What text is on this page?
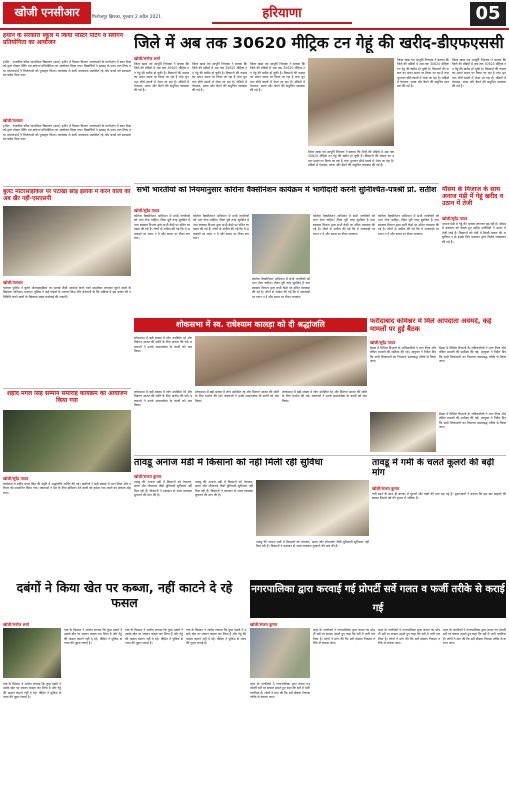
खोजी एनसीआर	फिरोजपुर झिरका, गुरुवार 2 अप्रैल 2021	हरियाणा	05
हथीन के सरकारी स्कूल में किया पोस्टर पेंटिंग व स्लोगन प्रतियोगिता का आयोजन
खोजी/पलवल
हथीन : राजकीय वरिष्ठ माध्यमिक विद्यालय (बाल) हथीन में विज्ञान विभाग अध्यापकों के मार्गदर्शन में बाल शिक्षकों द्वारा पोस्टर पेंटिंग एवं स्लोगन प्रतियोगिता का आयोजन किया गया। विद्यार्थियों ने उत्साह के साथ भाग लिया तथा प्रधानाचार्य ने विजेताओं को पुरस्कृत किया। कार्यक्रम में सभी अध्यापक उपस्थित रहे और बच्चों को स्वच्छता का संदेश दिया गया।
हथीन : राजकीय वरिष्ठ माध्यमिक विद्यालय (बाल) हथीन में विज्ञान विभाग अध्यापकों के मार्गदर्शन में बाल शिक्षकों द्वारा पोस्टर पेंटिंग एवं स्लोगन प्रतियोगिता का आयोजन किया गया। विद्यार्थियों ने उत्साह के साथ भाग लिया तथा प्रधानाचार्य ने विजेताओं को पुरस्कृत किया। कार्यक्रम में सभी अध्यापक उपस्थित रहे और बच्चों को स्वच्छता का संदेश दिया गया।
जिले में अब तक 30620 मीट्रिक टन गेहूं की खरीद-डीएफएससी
खोजी/मनोज शर्मा
जिला खाद्य एवं आपूर्ति नियंत्रक ने बताया कि जिले की मंडियों में अब तक 30620 मीट्रिक टन गेहूं की खरीद हो चुकी है। किसानों की फसल का उठान समय पर किया जा रहा है तथा भुगतान सीधे खातों में भेजा जा रहा है। मंडियों में पेयजल, छाया और बैठने की समुचित व्यवस्था की गई है।
जिला खाद्य एवं आपूर्ति नियंत्रक ने बताया कि जिले की मंडियों में अब तक 30620 मीट्रिक टन गेहूं की खरीद हो चुकी है। किसानों की फसल का उठान समय पर किया जा रहा है तथा भुगतान सीधे खातों में भेजा जा रहा है। मंडियों में पेयजल, छाया और बैठने की समुचित व्यवस्था की गई है।
जिला खाद्य एवं आपूर्ति नियंत्रक ने बताया कि जिले की मंडियों में अब तक 30620 मीट्रिक टन गेहूं की खरीद हो चुकी है। किसानों की फसल का उठान समय पर किया जा रहा है तथा भुगतान सीधे खातों में भेजा जा रहा है। मंडियों में पेयजल, छाया और बैठने की समुचित व्यवस्था की गई है।
जिला खाद्य एवं आपूर्ति नियंत्रक ने बताया कि जिले की मंडियों में अब तक 30620 मीट्रिक टन गेहूं की खरीद हो चुकी है। किसानों की फसल का उठान समय पर किया जा रहा है तथा भुगतान सीधे खातों में भेजा जा रहा है। मंडियों में पेयजल, छाया और बैठने की समुचित व्यवस्था की गई है।
जिला खाद्य एवं आपूर्ति नियंत्रक ने बताया कि जिले की मंडियों में अब तक 30620 मीट्रिक टन गेहूं की खरीद हो चुकी है। किसानों की फसल का उठान समय पर किया जा रहा है तथा भुगतान सीधे खातों में भेजा जा रहा है। मंडियों में पेयजल, छाया और बैठने की समुचित व्यवस्था की गई है।
जिला खाद्य एवं आपूर्ति नियंत्रक ने बताया कि जिले की मंडियों में अब तक 30620 मीट्रिक टन गेहूं की खरीद हो चुकी है। किसानों की फसल का उठान समय पर किया जा रहा है तथा भुगतान सीधे खातों में भेजा जा रहा है। मंडियों में पेयजल, छाया और बैठने की समुचित व्यवस्था की गई है।
बुलेट मोटरसाइकिल पर पटाखा छोड़ इलाके में करने वालों की अब खैर नहीं-एसएसपी
खोजी/पलवल
पलवल पुलिस ने बुलेट मोटरसाइकिल पर पटाखे जैसी आवाज करने वाले साइलेंसर लगाकर घूमने वालों के खिलाफ अभियान चलाया। पुलिस ने कई वाहनों के चालान किए और चेतावनी दी कि भविष्य में इस प्रकार की गतिविधि करने वालों के खिलाफ सख्त कार्रवाई की जाएगी।
सभी भारतीयों को नियमानुसार कोरोना वैक्सीनेशन कार्यक्रम में भागीदारी करनी सुनिश्चित-पत्रश्री प्रो. सतीश
खोजी/सुरेंद्र यादव
कोरोना वैक्सीनेशन अभियान में सभी नागरिकों को भाग लेना चाहिए। टीका पूरी तरह सुरक्षित है तथा स्वास्थ्य विभाग द्वारा सभी केंद्रों पर उचित व्यवस्था की गई है। लोगों से अपील की गई कि वे अफवाहों पर ध्यान न दें और समय पर टीका लगवाएं।
कोरोना वैक्सीनेशन अभियान में सभी नागरिकों को भाग लेना चाहिए। टीका पूरी तरह सुरक्षित है तथा स्वास्थ्य विभाग द्वारा सभी केंद्रों पर उचित व्यवस्था की गई है। लोगों से अपील की गई कि वे अफवाहों पर ध्यान न दें और समय पर टीका लगवाएं।
कोरोना वैक्सीनेशन अभियान में सभी नागरिकों को भाग लेना चाहिए। टीका पूरी तरह सुरक्षित है तथा स्वास्थ्य विभाग द्वारा सभी केंद्रों पर उचित व्यवस्था की गई है। लोगों से अपील की गई कि वे अफवाहों पर ध्यान न दें और समय पर टीका लगवाएं।
कोरोना वैक्सीनेशन अभियान में सभी नागरिकों को भाग लेना चाहिए। टीका पूरी तरह सुरक्षित है तथा स्वास्थ्य विभाग द्वारा सभी केंद्रों पर उचित व्यवस्था की गई है। लोगों से अपील की गई कि वे अफवाहों पर ध्यान न दें और समय पर टीका लगवाएं।
कोरोना वैक्सीनेशन अभियान में सभी नागरिकों को भाग लेना चाहिए। टीका पूरी तरह सुरक्षित है तथा स्वास्थ्य विभाग द्वारा सभी केंद्रों पर उचित व्यवस्था की गई है। लोगों से अपील की गई कि वे अफवाहों पर ध्यान न दें और समय पर टीका लगवाएं।
मौसम के मिजाज के साथ अनाज मंडी में गेहूं खरीद व उठान में तेजी
खोजी/सुरेंद्र यादव
अनाज मंडी में गेहूं की आवक लगातार बढ़ रही है। मौसम में बदलाव को देखते हुए खरीद एजेंसियों ने उठान में तेजी लाई है। किसानों को मंडी में किसी प्रकार की असुविधा न हो इसके लिए प्रशासन द्वारा विशेष व्यवस्थाएं की गई हैं।
शोकसभा में स्व. राधेश्याम कालड़ा को दी श्रद्धांजलि
शोकसभा में बड़ी संख्या में लोग उपस्थित रहे और दिवंगत आत्मा की शांति के लिए प्रार्थना की गई। वक्ताओं ने उनके समाजसेवा के कार्यों को याद किया।
फरीदाबाद कमिश्नर में मिले आपदाता अवमर्द, कई मामलों पर हुई बैठक
खोजी/सुरेंद्र यादव
बैठक में विभिन्न विभागों के अधिकारियों ने भाग लिया और लंबित मामलों की समीक्षा की गई। आयुक्त ने निर्देश दिए कि सभी शिकायतों का निपटारा समयबद्ध तरीके से किया जाए।
बैठक में विभिन्न विभागों के अधिकारियों ने भाग लिया और लंबित मामलों की समीक्षा की गई। आयुक्त ने निर्देश दिए कि सभी शिकायतों का निपटारा समयबद्ध तरीके से किया जाए।
बैठक में विभिन्न विभागों के अधिकारियों ने भाग लिया और लंबित मामलों की समीक्षा की गई। आयुक्त ने निर्देश दिए कि सभी शिकायतों का निपटारा समयबद्ध तरीके से किया जाए।
शहीद मंगल सिंह सम्मान समारोह कार्यक्रम का आयोजन किया गया
खोजी/सुरेंद्र यादव
कार्यक्रम में शहीद मंगल सिंह की स्मृति में श्रद्धांजलि अर्पित की गई। ग्रामीणों ने बड़ी संख्या में भाग लिया और परिवार को सम्मानित किया गया। वक्ताओं ने देश के लिए बलिदान देने वालों को हमेशा याद रखने का संकल्प दोहराया।
शोकसभा में बड़ी संख्या में लोग उपस्थित रहे और दिवंगत आत्मा की शांति के लिए प्रार्थना की गई। वक्ताओं ने उनके समाजसेवा के कार्यों को याद किया।
शोकसभा में बड़ी संख्या में लोग उपस्थित रहे और दिवंगत आत्मा की शांति के लिए प्रार्थना की गई। वक्ताओं ने उनके समाजसेवा के कार्यों को याद किया।
शोकसभा में बड़ी संख्या में लोग उपस्थित रहे और दिवंगत आत्मा की शांति के लिए प्रार्थना की गई। वक्ताओं ने उनके समाजसेवा के कार्यों को याद किया।
तावडू अनाज मंडी में किसानों को नहीं मिली रही सुविधा
खोजी/संजय कुमार
तावडू की अनाज मंडी में किसानों को पेयजल, छाया और शौचालय जैसी बुनियादी सुविधाएं नहीं मिल रही हैं। किसानों ने प्रशासन से जल्द व्यवस्था सुधारने की मांग की है।
तावडू की अनाज मंडी में किसानों को पेयजल, छाया और शौचालय जैसी बुनियादी सुविधाएं नहीं मिल रही हैं। किसानों ने प्रशासन से जल्द व्यवस्था सुधारने की मांग की है।
तावडू की अनाज मंडी में किसानों को पेयजल, छाया और शौचालय जैसी बुनियादी सुविधाएं नहीं मिल रही हैं। किसानों ने प्रशासन से जल्द व्यवस्था सुधारने की मांग की है।
तावडू में गर्मी के चलते कूलरों की बढ़ी मांग
खोजी/संजय कुमार
गर्मी बढ़ने के साथ ही बाजार में कूलरों और पंखों की मांग बढ़ गई है। दुकानदारों ने बताया कि इस बार ग्राहकों की संख्या पिछले वर्ष की तुलना में अधिक है।
दबंगों ने किया खेत पर कब्जा, नहीं काटने दे रहे फसल
नगरपालिका द्वारा करवाई गई प्रोपर्टी सर्वे गलत व फर्जी तरीके से कराई गई
खोजी/मनोज शर्मा
गांव के किसान ने आरोप लगाया कि कुछ दबंगों ने उसके खेत पर जबरन कब्जा कर लिया है और गेहूं की फसल काटने नहीं दे रहे। पीड़ित ने पुलिस से न्याय की गुहार लगाई है।
गांव के किसान ने आरोप लगाया कि कुछ दबंगों ने उसके खेत पर जबरन कब्जा कर लिया है और गेहूं की फसल काटने नहीं दे रहे। पीड़ित ने पुलिस से न्याय की गुहार लगाई है।
गांव के किसान ने आरोप लगाया कि कुछ दबंगों ने उसके खेत पर जबरन कब्जा कर लिया है और गेहूं की फसल काटने नहीं दे रहे। पीड़ित ने पुलिस से न्याय की गुहार लगाई है।
गांव के किसान ने आरोप लगाया कि कुछ दबंगों ने उसके खेत पर जबरन कब्जा कर लिया है और गेहूं की फसल काटने नहीं दे रहे। पीड़ित ने पुलिस से न्याय की गुहार लगाई है।
खोजी/संजय कुमार
शहर के नागरिकों ने नगरपालिका द्वारा कराए गए प्रोपर्टी सर्वे पर सवाल उठाते हुए कहा कि सर्वे में भारी गलतियां हैं। लोगों ने मांग की कि सर्वे दोबारा निष्पक्ष तरीके से कराया जाए।
शहर के नागरिकों ने नगरपालिका द्वारा कराए गए प्रोपर्टी सर्वे पर सवाल उठाते हुए कहा कि सर्वे में भारी गलतियां हैं। लोगों ने मांग की कि सर्वे दोबारा निष्पक्ष तरीके से कराया जाए।
शहर के नागरिकों ने नगरपालिका द्वारा कराए गए प्रोपर्टी सर्वे पर सवाल उठाते हुए कहा कि सर्वे में भारी गलतियां हैं। लोगों ने मांग की कि सर्वे दोबारा निष्पक्ष तरीके से कराया जाए।
शहर के नागरिकों ने नगरपालिका द्वारा कराए गए प्रोपर्टी सर्वे पर सवाल उठाते हुए कहा कि सर्वे में भारी गलतियां हैं। लोगों ने मांग की कि सर्वे दोबारा निष्पक्ष तरीके से कराया जाए।
